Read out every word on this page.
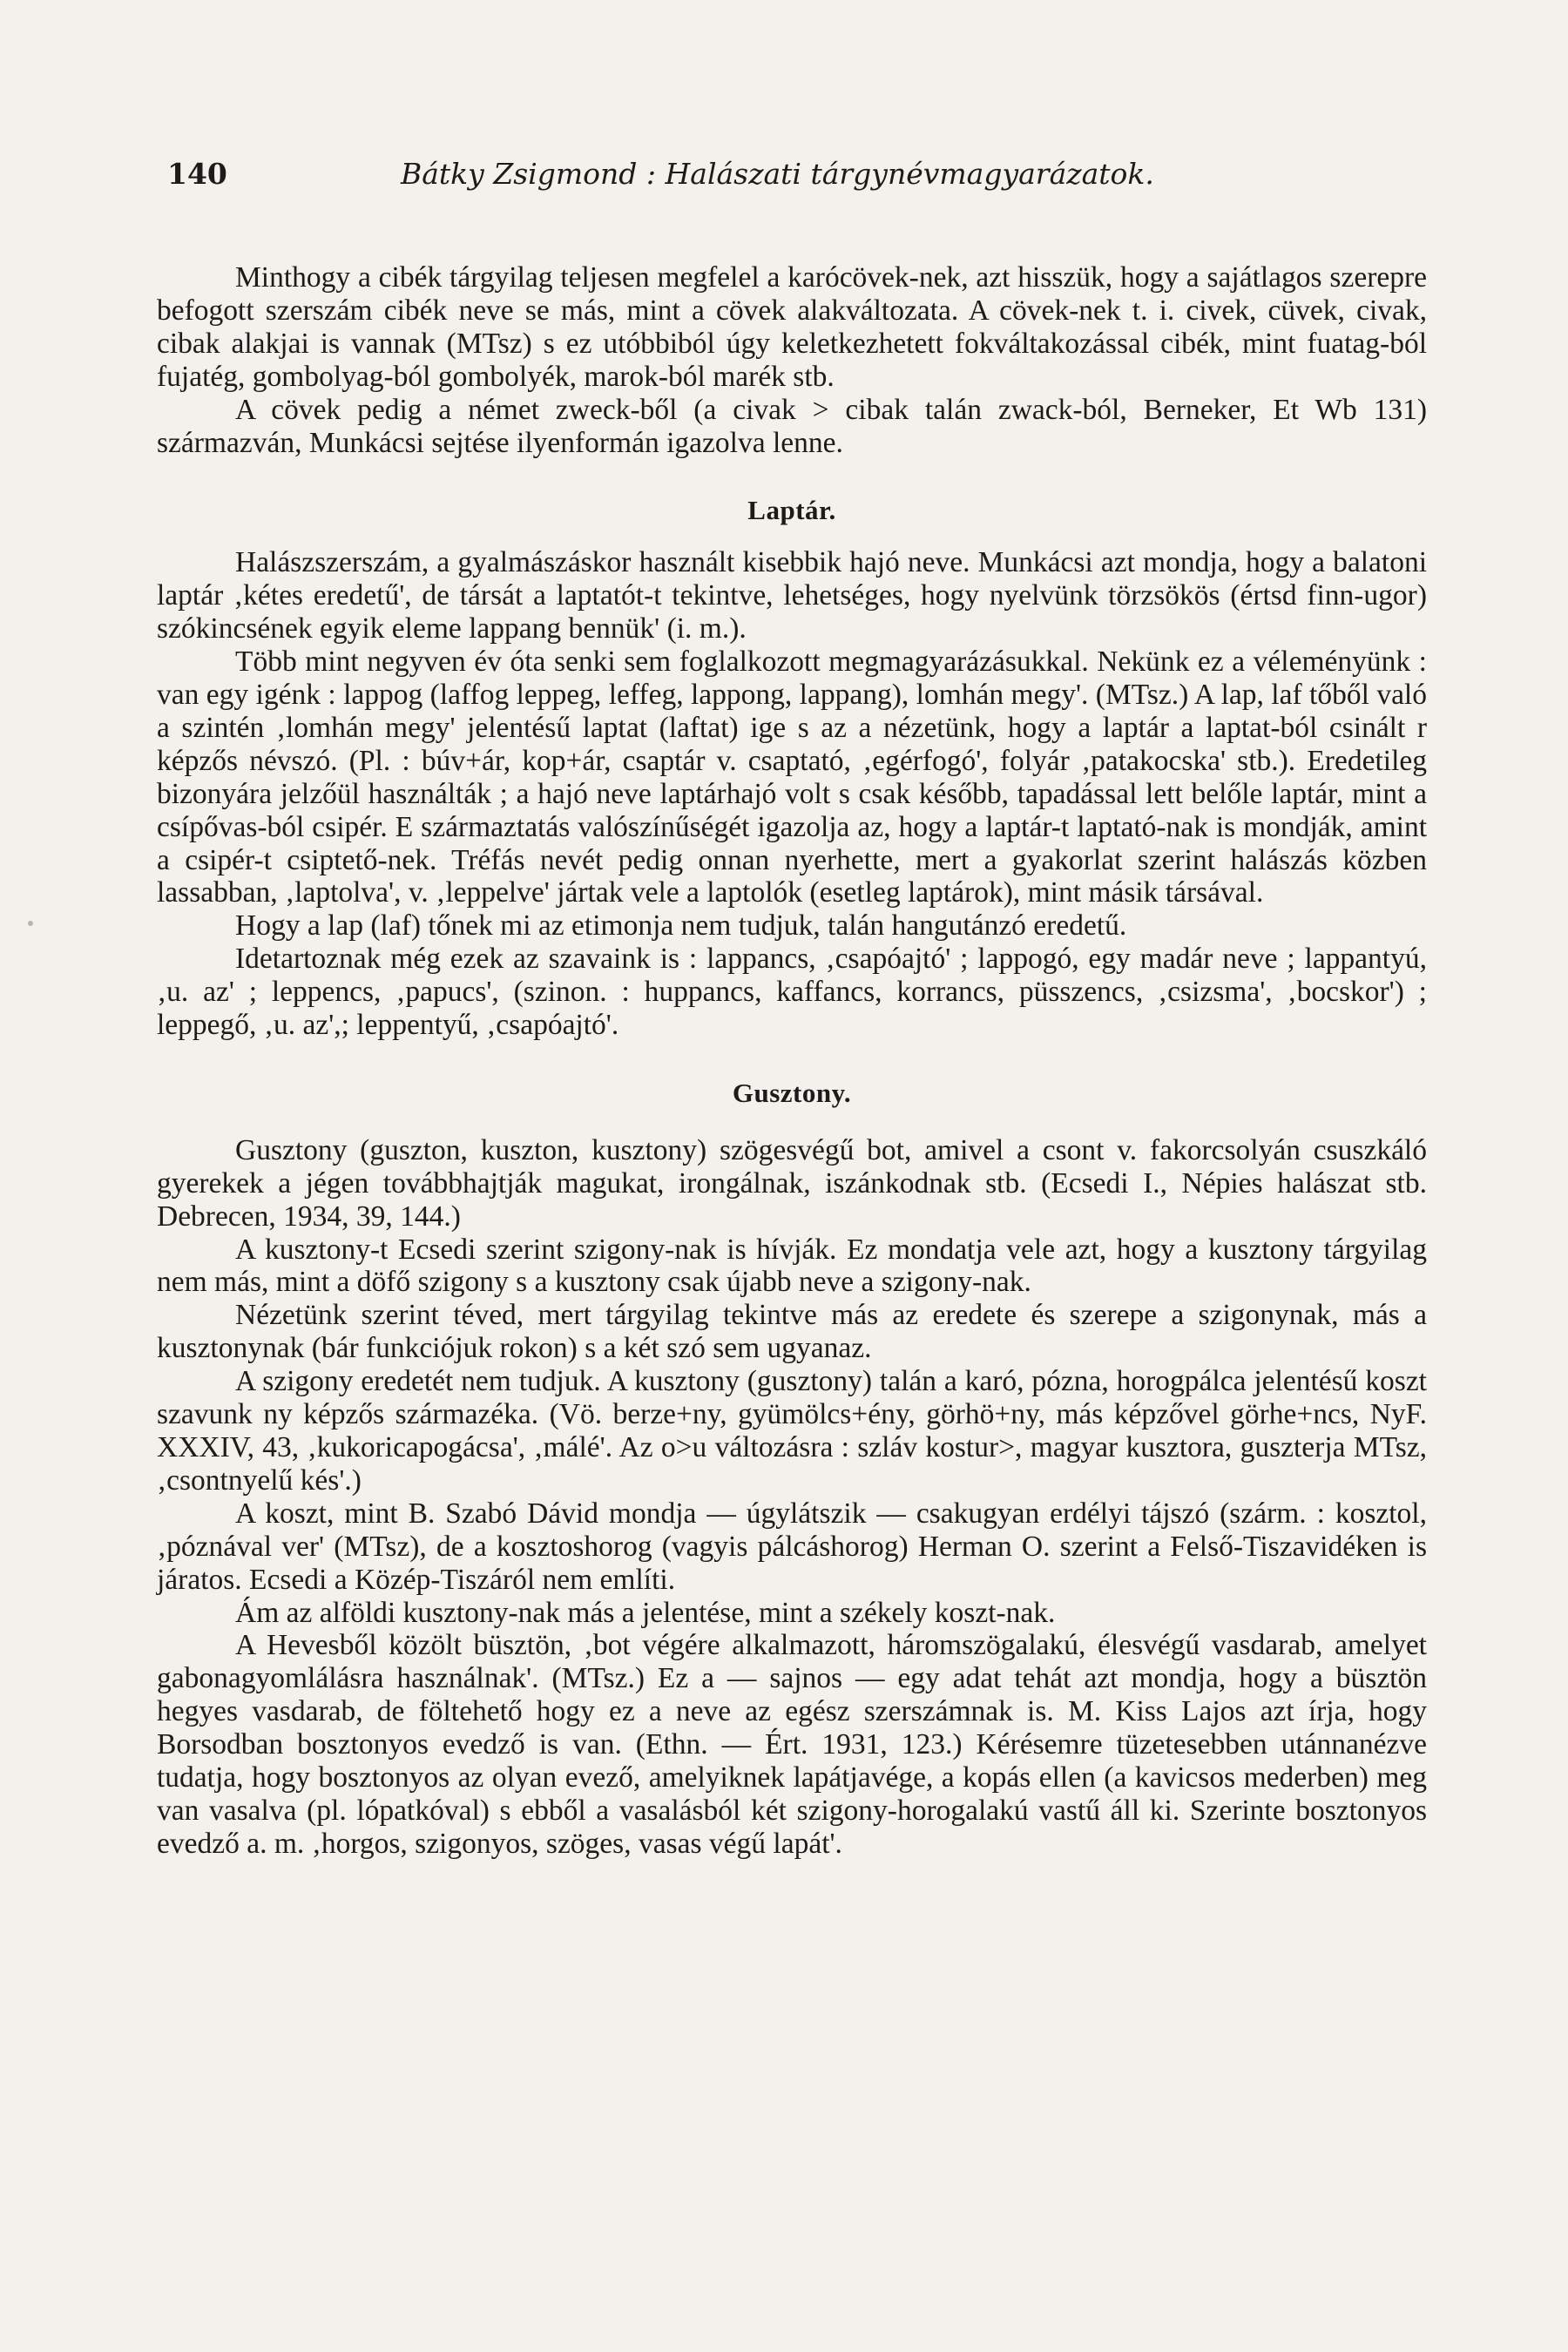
140	Bátky Zsigmond : Halászati tárgynévmagyarázatok.

Minthogy a cibék tárgyilag teljesen megfelel a karócövek-nek, azt hisszük, hogy a sajátlagos szerepre befogott szerszám cibék neve se más, mint a cövek alakváltozata. A cövek-nek t. i. civek, cüvek, civak, cibak alakjai is vannak (MTsz) s ez utóbbiból úgy keletkezhetett fokváltakozással cibék, mint fuatag-ból fujatég, gombolyag-ból gombolyék, marok-ból marék stb.

A cövek pedig a német zweck-ből (a civak > cibak talán zwack-ból, Berneker, Et Wb 131) származván, Munkácsi sejtése ilyenformán igazolva lenne.

Laptár.

Halászszerszám, a gyalmászáskor használt kisebbik hajó neve. Munkácsi azt mondja, hogy a balatoni laptár ‚kétes eredetű', de társát a laptatót-t tekintve, lehetséges, hogy nyelvünk törzsökös (értsd finn-ugor) szókincsének egyik eleme lappang bennük' (i. m.).

Több mint negyven év óta senki sem foglalkozott megmagyarázásukkal. Nekünk ez a véleményünk : van egy igénk : lappog (laffog leppeg, leffeg, lappong, lappang), lomhán megy'. (MTsz.) A lap, laf tőből való a szintén ‚lomhán megy' jelentésű laptat (laftat) ige s az a nézetünk, hogy a laptár a laptat-ból csinált r képzős névszó. (Pl. : búv+ár, kop+ár, csaptár v. csaptató, ‚egérfogó', folyár ‚patakocska' stb.). Eredetileg bizonyára jelzőül használták ; a hajó neve laptárhajó volt s csak később, tapadással lett belőle laptár, mint a csípővas-ból csipér. E származtatás valószínűségét igazolja az, hogy a laptár-t laptató-nak is mondják, amint a csipér-t csiptető-nek. Tréfás nevét pedig onnan nyerhette, mert a gyakorlat szerint halászás közben lassabban, ‚laptolva', v. ‚leppelve' jártak vele a laptolók (esetleg laptárok), mint másik társával.

Hogy a lap (laf) tőnek mi az etimonja nem tudjuk, talán hangutánzó eredetű.

Idetartoznak még ezek az szavaink is : lappancs, ‚csapóajtó' ; lappogó, egy madár neve ; lappantyú, ‚u. az' ; leppencs, ‚papucs', (szinon. : huppancs, kaffancs, korrancs, püsszencs, ‚csizsma', ‚bocskor') ; leppegő, ‚u. az',; leppentyű, ‚csapóajtó'.

Gusztony.

Gusztony (guszton, kuszton, kusztony) szögesvégű bot, amivel a csont v. fakorcsolyán csuszkáló gyerekek a jégen továbbhajtják magukat, irongálnak, iszánkodnak stb. (Ecsedi I., Népies halászat stb. Debrecen, 1934, 39, 144.)

A kusztony-t Ecsedi szerint szigony-nak is hívják. Ez mondatja vele azt, hogy a kusztony tárgyilag nem más, mint a döfő szigony s a kusztony csak újabb neve a szigony-nak.

Nézetünk szerint téved, mert tárgyilag tekintve más az eredete és szerepe a szigonynak, más a kusztonynak (bár funkciójuk rokon) s a két szó sem ugyanaz.

A szigony eredetét nem tudjuk. A kusztony (gusztony) talán a karó, pózna, horogpálca jelentésű koszt szavunk ny képzős származéka. (Vö. berze+ny, gyümölcs+ény, görhö+ny, más képzővel görhe+ncs, NyF. XXXIV, 43, ‚kukoricapogácsa', ‚málé'. Az o>u változásra : szláv kostur>, magyar kusztora, guszterja MTsz, ‚csontnyelű kés'.)

A koszt, mint B. Szabó Dávid mondja — úgylátszik — csakugyan erdélyi tájszó (szárm. : kosztol, ‚póznával ver' (MTsz), de a kosztoshorog (vagyis pálcáshorog) Herman O. szerint a Felső-Tiszavidéken is járatos. Ecsedi a Közép-Tiszáról nem említi.

Ám az alföldi kusztony-nak más a jelentése, mint a székely koszt-nak.

A Hevesből közölt büsztön, ‚bot végére alkalmazott, háromszögalakú, élesvégű vasdarab, amelyet gabonagyomlálásra használnak'. (MTsz.) Ez a — sajnos — egy adat tehát azt mondja, hogy a büsztön hegyes vasdarab, de föltehető hogy ez a neve az egész szerszámnak is. M. Kiss Lajos azt írja, hogy Borsodban bosztonyos evedző is van. (Ethn. — Ért. 1931, 123.) Kérésemre tüzetesebben utánnanézve tudatja, hogy bosztonyos az olyan evező, amelyiknek lapátjavége, a kopás ellen (a kavicsos mederben) meg van vasalva (pl. lópatkóval) s ebből a vasalásból két szigony-horogalakú vastű áll ki. Szerinte bosztonyos evedző a. m. ‚horgos, szigonyos, szöges, vasas végű lapát'.
